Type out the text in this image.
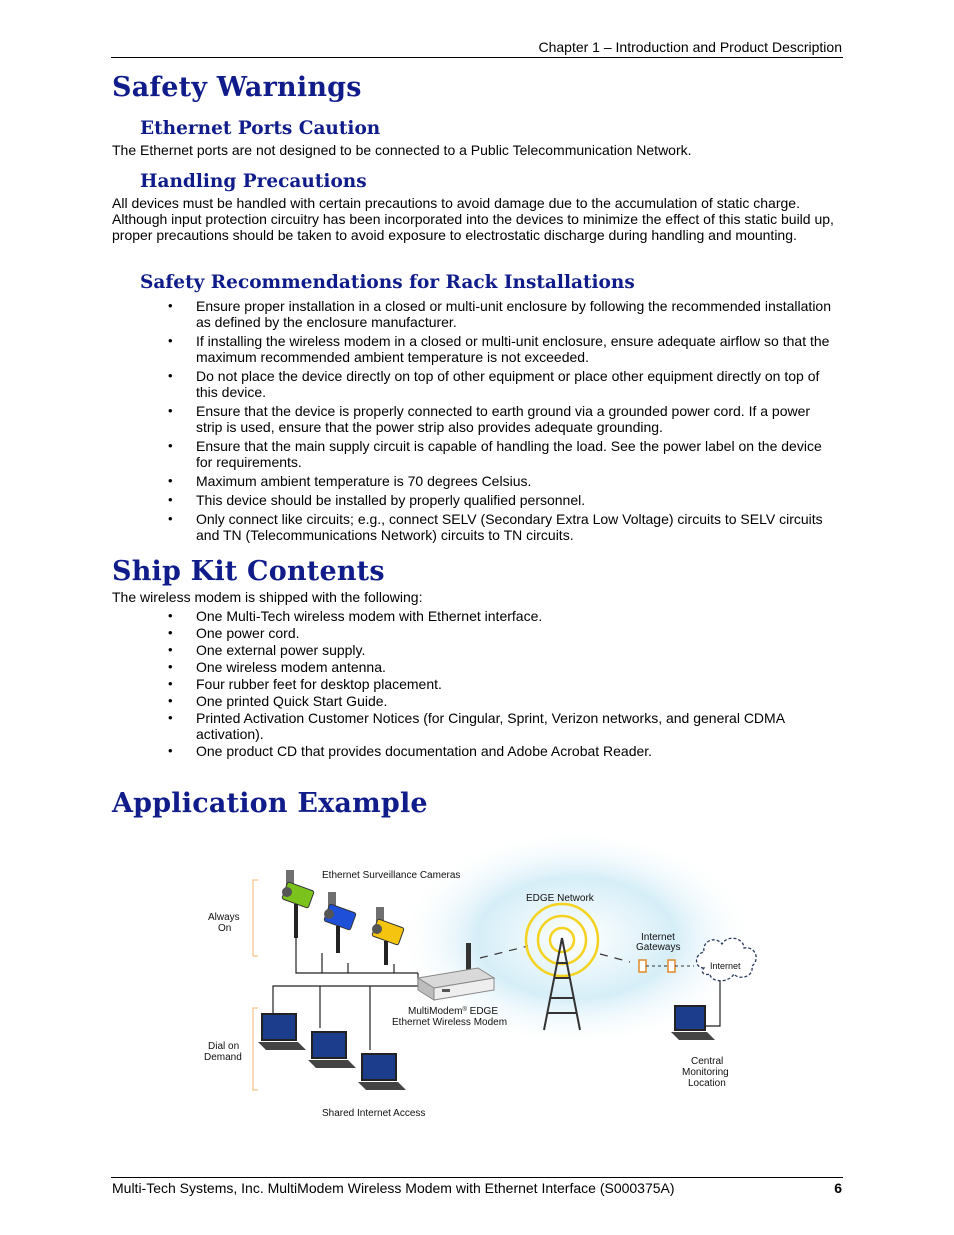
Chapter 1 – Introduction and Product Description
Safety Warnings
Ethernet Ports Caution

The Ethernet ports are not designed to be connected to a Public Telecommunication Network.

Handling Precautions

All devices must be handled with certain precautions to avoid damage due to the accumulation of static charge. Although input protection circuitry has been incorporated into the devices to minimize the effect of this static build up, proper precautions should be taken to avoid exposure to electrostatic discharge during handling and mounting.

Safety Recommendations for Rack Installations
• Ensure proper installation in a closed or multi-unit enclosure by following the recommended installation as defined by the enclosure manufacturer.
• If installing the wireless modem in a closed or multi-unit enclosure, ensure adequate airflow so that the maximum recommended ambient temperature is not exceeded.
• Do not place the device directly on top of other equipment or place other equipment directly on top of this device.
• Ensure that the device is properly connected to earth ground via a grounded power cord. If a power strip is used, ensure that the power strip also provides adequate grounding.
• Ensure that the main supply circuit is capable of handling the load. See the power label on the device for requirements.
• Maximum ambient temperature is 70 degrees Celsius.
• This device should be installed by properly qualified personnel.
• Only connect like circuits; e.g., connect SELV (Secondary Extra Low Voltage) circuits to SELV circuits and TN (Telecommunications Network) circuits to TN circuits.
Ship Kit Contents

The wireless modem is shipped with the following:

• One Multi-Tech wireless modem with Ethernet interface.
• One power cord.
• One external power supply.
• One wireless modem antenna.
• Four rubber feet for desktop placement.
• One printed Quick Start Guide.
• Printed Activation Customer Notices (for Cingular, Sprint, Verizon networks, and general CDMA activation).
• One product CD that provides documentation and Adobe Acrobat Reader.
Application Example
Ethernet Surveillance Cameras
Always
On
Dial on
Demand
EDGE Network
Internet
Gateways
Internet
MultiModem® EDGE
Ethernet Wireless Modem
Central
Monitoring
Location
Shared Internet Access
Multi-Tech Systems, Inc. MultiModem Wireless Modem with Ethernet Interface (S000375A)	6
